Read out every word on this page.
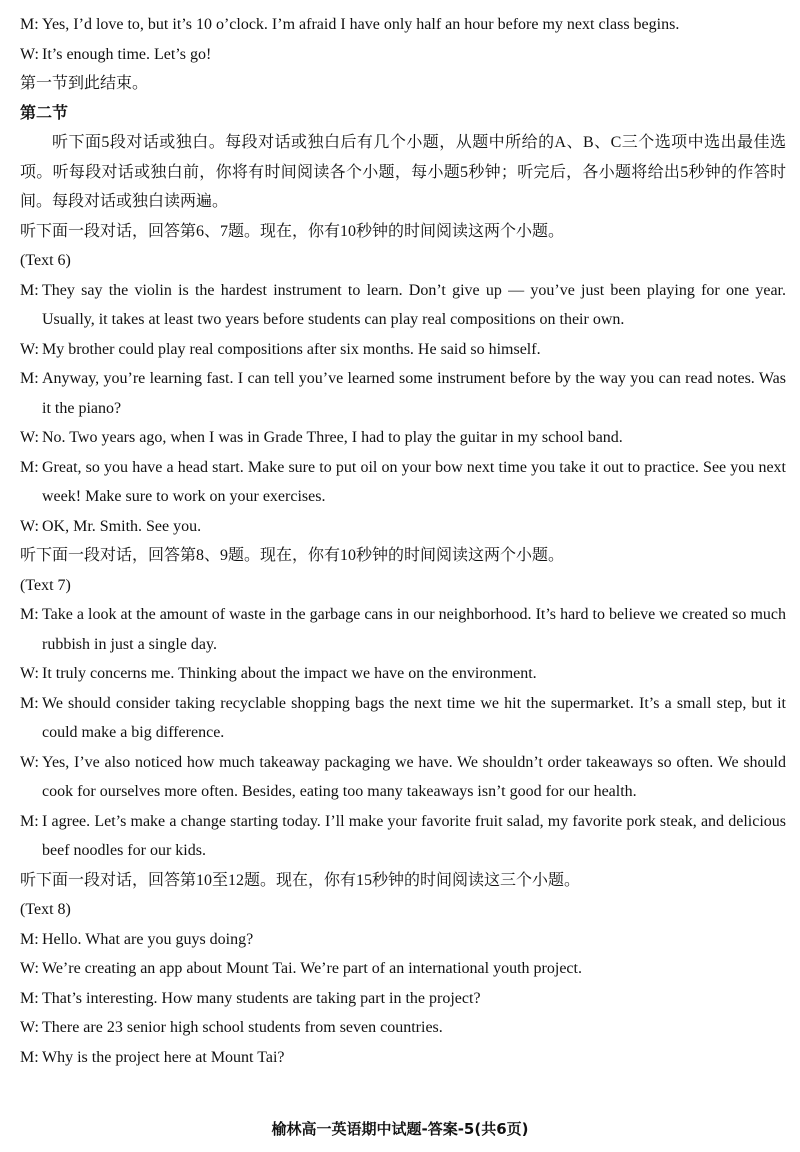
M: Yes, I’d love to, but it’s 10 o’clock. I’m afraid I have only half an hour before my next class begins.
W: It’s enough time. Let’s go!
第一节到此结束。
第二节
听下面5段对话或独白。每段对话或独白后有几个小题，从题中所给的A、B、C三个选项中选出最佳选项。听每段对话或独白前，你将有时间阅读各个小题，每小题5秒钟；听完后，各小题将给出5秒钟的作答时间。每段对话或独白读两遍。
听下面一段对话，回答第6、7题。现在，你有10秒钟的时间阅读这两个小题。
(Text 6)
M: They say the violin is the hardest instrument to learn. Don’t give up — you’ve just been playing for one year. Usually, it takes at least two years before students can play real compositions on their own.
W: My brother could play real compositions after six months. He said so himself.
M: Anyway, you’re learning fast. I can tell you’ve learned some instrument before by the way you can read notes. Was it the piano?
W: No. Two years ago, when I was in Grade Three, I had to play the guitar in my school band.
M: Great, so you have a head start. Make sure to put oil on your bow next time you take it out to practice. See you next week! Make sure to work on your exercises.
W: OK, Mr. Smith. See you.
听下面一段对话，回答第8、9题。现在，你有10秒钟的时间阅读这两个小题。
(Text 7)
M: Take a look at the amount of waste in the garbage cans in our neighborhood. It’s hard to believe we created so much rubbish in just a single day.
W: It truly concerns me. Thinking about the impact we have on the environment.
M: We should consider taking recyclable shopping bags the next time we hit the supermarket. It’s a small step, but it could make a big difference.
W: Yes, I’ve also noticed how much takeaway packaging we have. We shouldn’t order takeaways so often. We should cook for ourselves more often. Besides, eating too many takeaways isn’t good for our health.
M: I agree. Let’s make a change starting today. I’ll make your favorite fruit salad, my favorite pork steak, and delicious beef noodles for our kids.
听下面一段对话，回答第10至12题。现在，你有15秒钟的时间阅读这三个小题。
(Text 8)
M: Hello. What are you guys doing?
W: We’re creating an app about Mount Tai. We’re part of an international youth project.
M: That’s interesting. How many students are taking part in the project?
W: There are 23 senior high school students from seven countries.
M: Why is the project here at Mount Tai?
榆林高一英语期中试题-答案-5(共6页)
